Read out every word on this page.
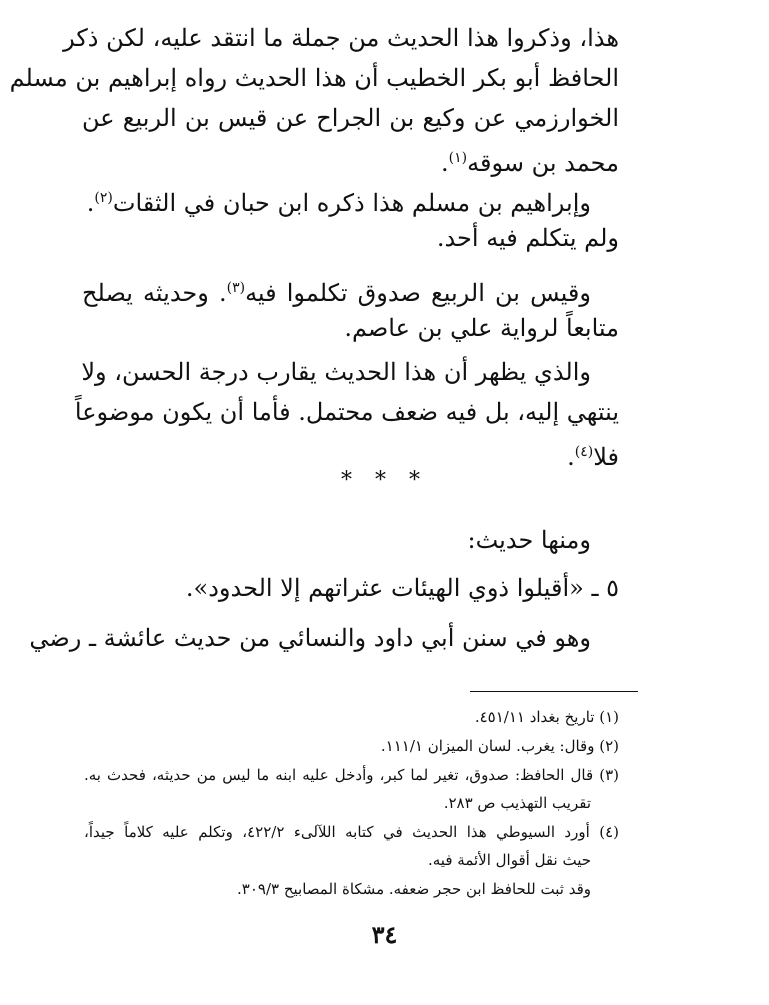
هذا، وذكروا هذا الحديث من جملة ما انتقد عليه، لكن ذكر
الحافظ أبو بكر الخطيب أن هذا الحديث رواه إبراهيم بن مسلم
الخوارزمي عن وكيع بن الجراح عن قيس بن الربيع عن
محمد بن سوقه$^{(١)}$.
وإبراهيم بن مسلم هذا ذكره ابن حبان في الثقات$^{(٢)}$.
ولم يتكلم فيه أحد.
وقيس بن الربيع صدوق تكلموا فيه$^{(٣)}$. وحديثه يصلح
متابعاً لرواية علي بن عاصم.
والذي يظهر أن هذا الحديث يقارب درجة الحسن، ولا
ينتهي إليه، بل فيه ضعف محتمل. فأما أن يكون موضوعاً
فلا$^{(٤)}$.
* * *
ومنها حديث:
٥ ـ «أقيلوا ذوي الهيئات عثراتهم إلا الحدود».
وهو في سنن أبي داود والنسائي من حديث عائشة ـ رضي
(١) تاريخ بغداد ٤٥١/١١.
(٢) وقال: يغرب. لسان الميزان ١١١/١.
(٣) قال الحافظ: صدوق، تغير لما كبر، وأدخل عليه ابنه ما ليس من حديثه، فحدث به.
تقريب التهذيب ص ٢٨٣.
(٤) أورد السيوطي هذا الحديث في كتابه اللآلىء ٤٢٢/٢، وتكلم عليه كلاماً جيداً،
حيث نقل أقوال الأئمة فيه.
وقد ثبت للحافظ ابن حجر ضعفه. مشكاة المصابيح ٣٠٩/٣.
٣٤
